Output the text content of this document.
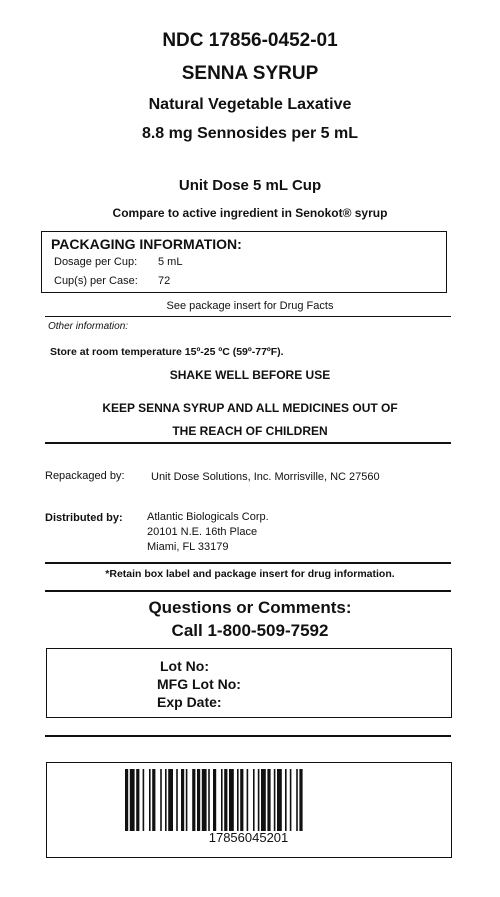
NDC 17856-0452-01
SENNA SYRUP
Natural Vegetable Laxative
8.8 mg Sennosides per 5 mL
Unit Dose 5 mL Cup
Compare to active ingredient in Senokot® syrup
PACKAGING INFORMATION:
Dosage per Cup: 5 mL
Cup(s) per Case: 72
See package insert for Drug Facts
Other information:
Store at room temperature 15º-25 ºC (59º-77ºF).
SHAKE WELL BEFORE USE
KEEP SENNA SYRUP AND ALL MEDICINES OUT OF
THE REACH OF CHILDREN
Repackaged by: Unit Dose Solutions, Inc. Morrisville, NC 27560
Distributed by: Atlantic Biologicals Corp.
20101 N.E. 16th Place
Miami, FL 33179
*Retain box label and package insert for drug information.
Questions or Comments:
Call 1-800-509-7592
Lot No:
MFG Lot No:
Exp Date:
17856045201
